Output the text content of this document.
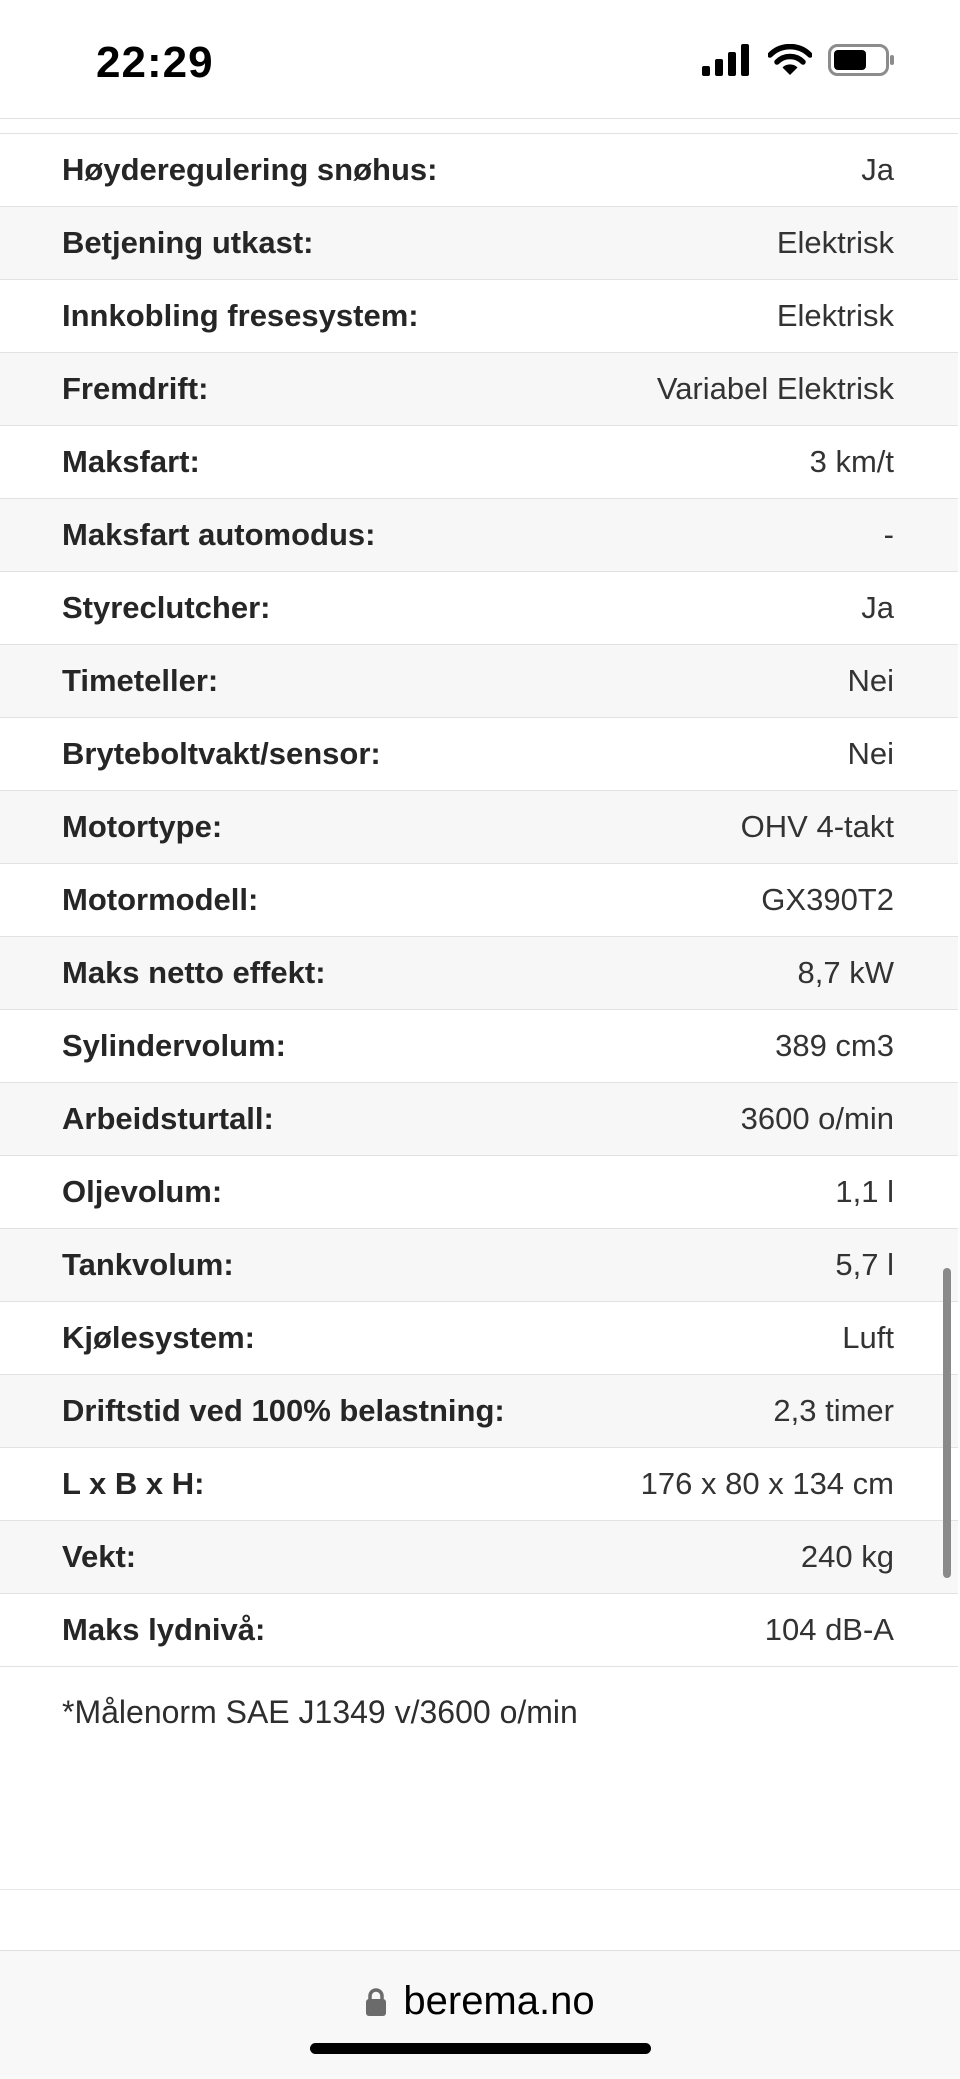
22:29
Høyderegulering snøhus:	Ja
Betjening utkast:	Elektrisk
Innkobling fresesystem:	Elektrisk
Fremdrift:	Variabel Elektrisk
Maksfart:	3 km/t
Maksfart automodus:	-
Styreclutcher:	Ja
Timeteller:	Nei
Bryteboltvakt/sensor:	Nei
Motortype:	OHV 4-takt
Motormodell:	GX390T2
Maks netto effekt:	8,7 kW
Sylindervolum:	389 cm3
Arbeidsturtall:	3600 o/min
Oljevolum:	1,1 l
Tankvolum:	5,7 l
Kjølesystem:	Luft
Driftstid ved 100% belastning:	2,3 timer
L x B x H:	176 x 80 x 134 cm
Vekt:	240 kg
Maks lydnivå:	104 dB-A
*Målenorm SAE J1349 v/3600 o/min
berema.no
